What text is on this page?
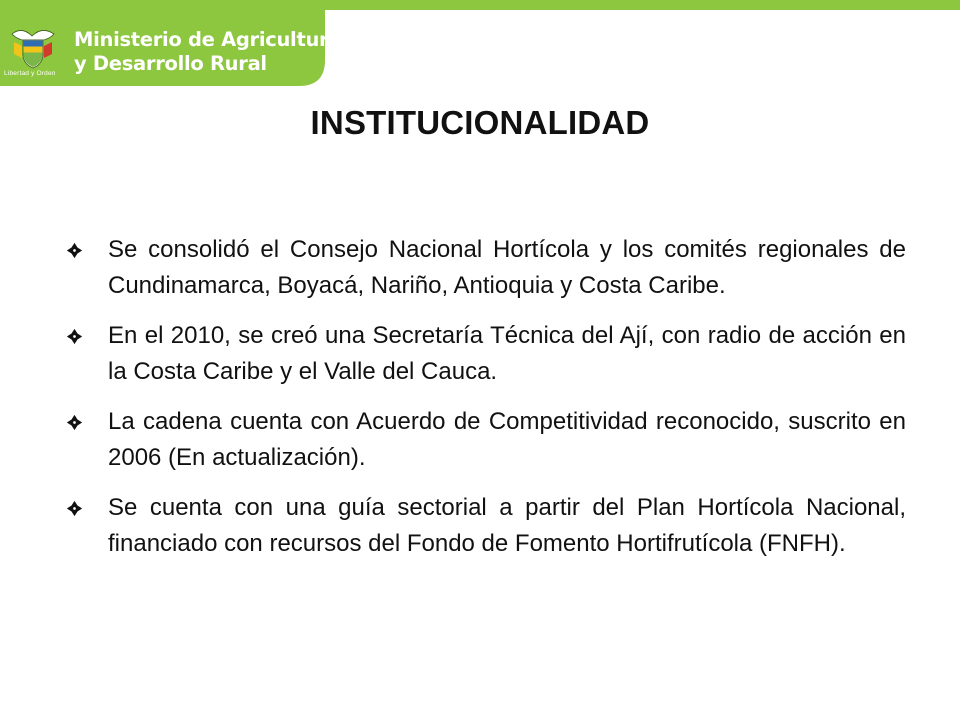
Libertad y Orden
Ministerio de Agricultura
y Desarrollo Rural
INSTITUCIONALIDAD
Se consolidó el Consejo Nacional Hortícola y los comités regionales de Cundinamarca, Boyacá, Nariño, Antioquia y Costa Caribe.
En el 2010, se creó una Secretaría Técnica del Ají, con radio de acción en la Costa Caribe y el Valle del Cauca.
La cadena cuenta con Acuerdo de Competitividad reconocido, suscrito en 2006 (En actualización).
Se cuenta con una guía sectorial a partir del Plan Hortícola Nacional, financiado con recursos del Fondo de Fomento Hortifrutícola (FNFH).
